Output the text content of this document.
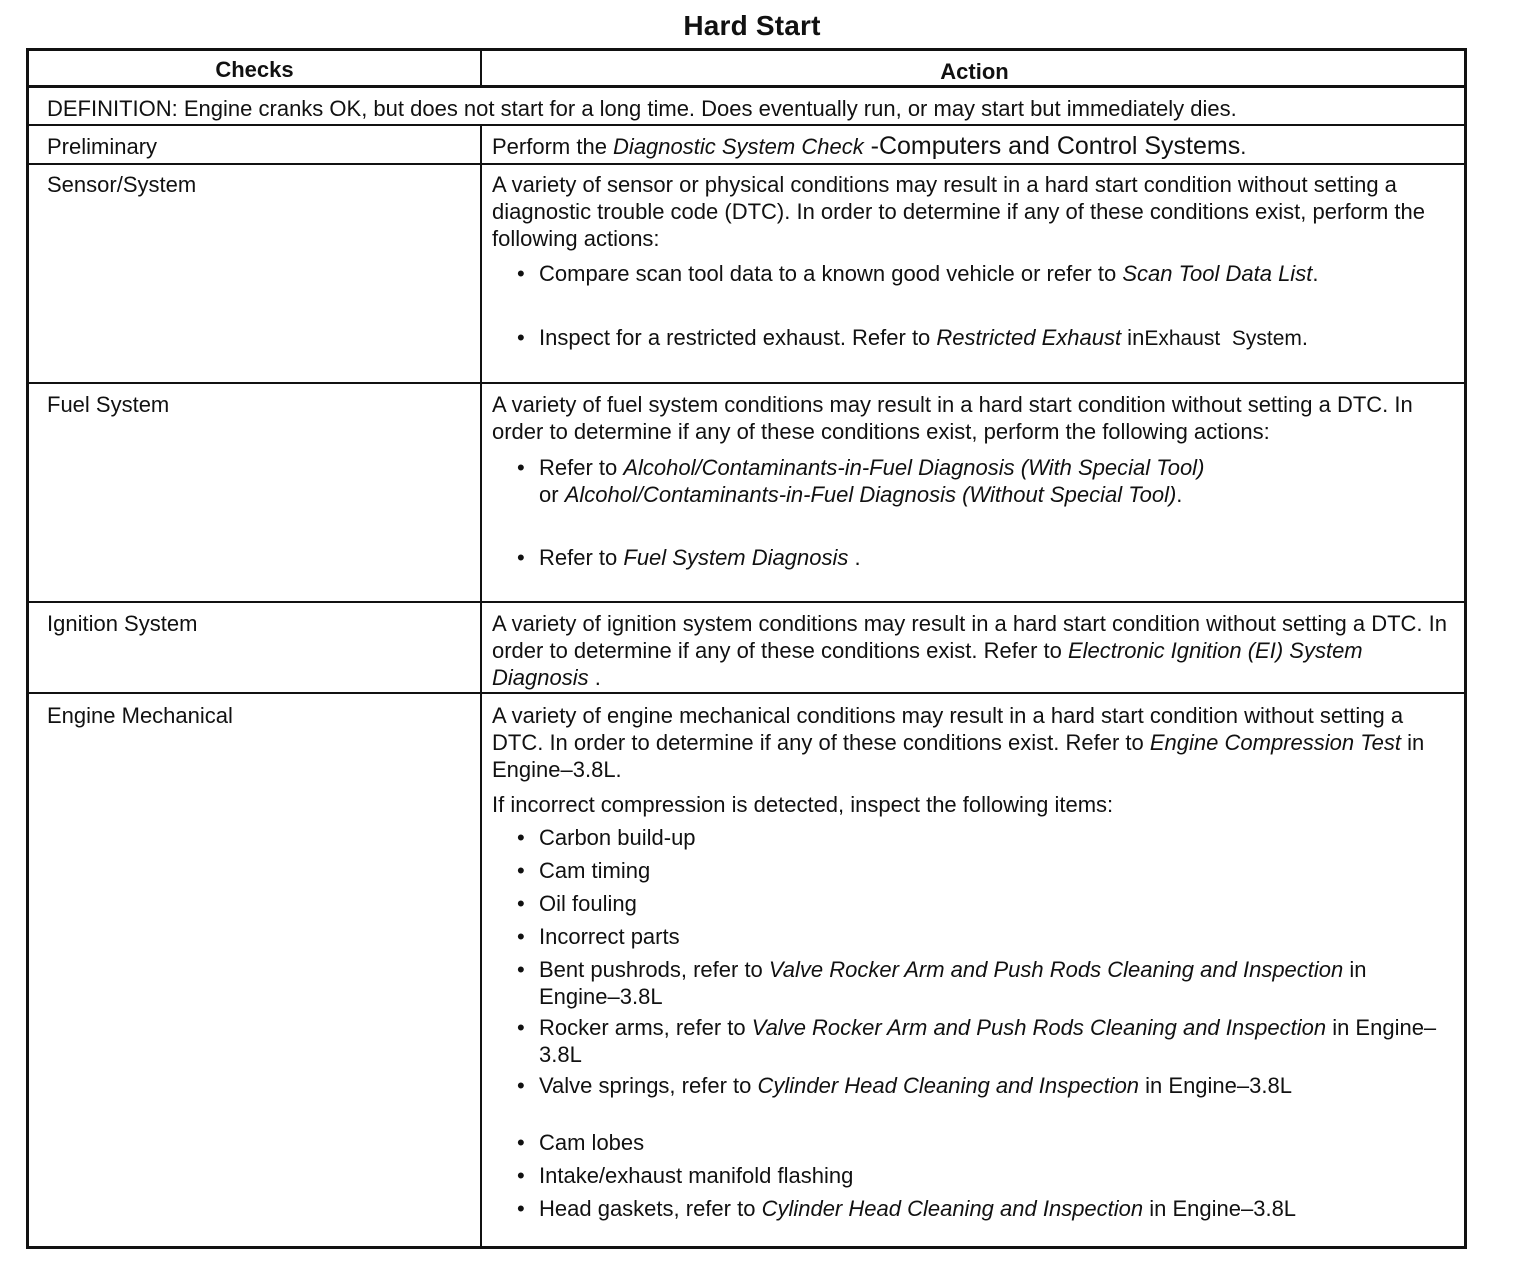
Hard Start
Checks	Action
DEFINITION: Engine cranks OK, but does not start for a long time. Does eventually run, or may start but immediately dies.
Preliminary	Perform the Diagnostic System Check -Computers and Control Systems.
Sensor/System	A variety of sensor or physical conditions may result in a hard start condition without setting a diagnostic trouble code (DTC). In order to determine if any of these conditions exist, perform the following actions:

• Compare scan tool data to a known good vehicle or refer to Scan Tool Data List.
• Inspect for a restricted exhaust. Refer to Restricted Exhaust inExhaust  System.
Fuel System	A variety of fuel system conditions may result in a hard start condition without setting a DTC. In order to determine if any of these conditions exist, perform the following actions:

• Refer to Alcohol/Contaminants-in-Fuel Diagnosis (With Special Tool)
or Alcohol/Contaminants-in-Fuel Diagnosis (Without Special Tool).
• Refer to Fuel System Diagnosis .
Ignition System	A variety of ignition system conditions may result in a hard start condition without setting a DTC. In order to determine if any of these conditions exist. Refer to Electronic Ignition (EI) System Diagnosis .
Engine Mechanical	A variety of engine mechanical conditions may result in a hard start condition without setting a DTC. In order to determine if any of these conditions exist. Refer to Engine Compression Test in Engine–3.8L.

If incorrect compression is detected, inspect the following items:

• Carbon build-up
• Cam timing
• Oil fouling
• Incorrect parts
• Bent pushrods, refer to Valve Rocker Arm and Push Rods Cleaning and Inspection in Engine–3.8L
• Rocker arms, refer to Valve Rocker Arm and Push Rods Cleaning and Inspection in Engine–3.8L
• Valve springs, refer to Cylinder Head Cleaning and Inspection in Engine–3.8L
• Cam lobes
• Intake/exhaust manifold flashing
• Head gaskets, refer to Cylinder Head Cleaning and Inspection in Engine–3.8L
